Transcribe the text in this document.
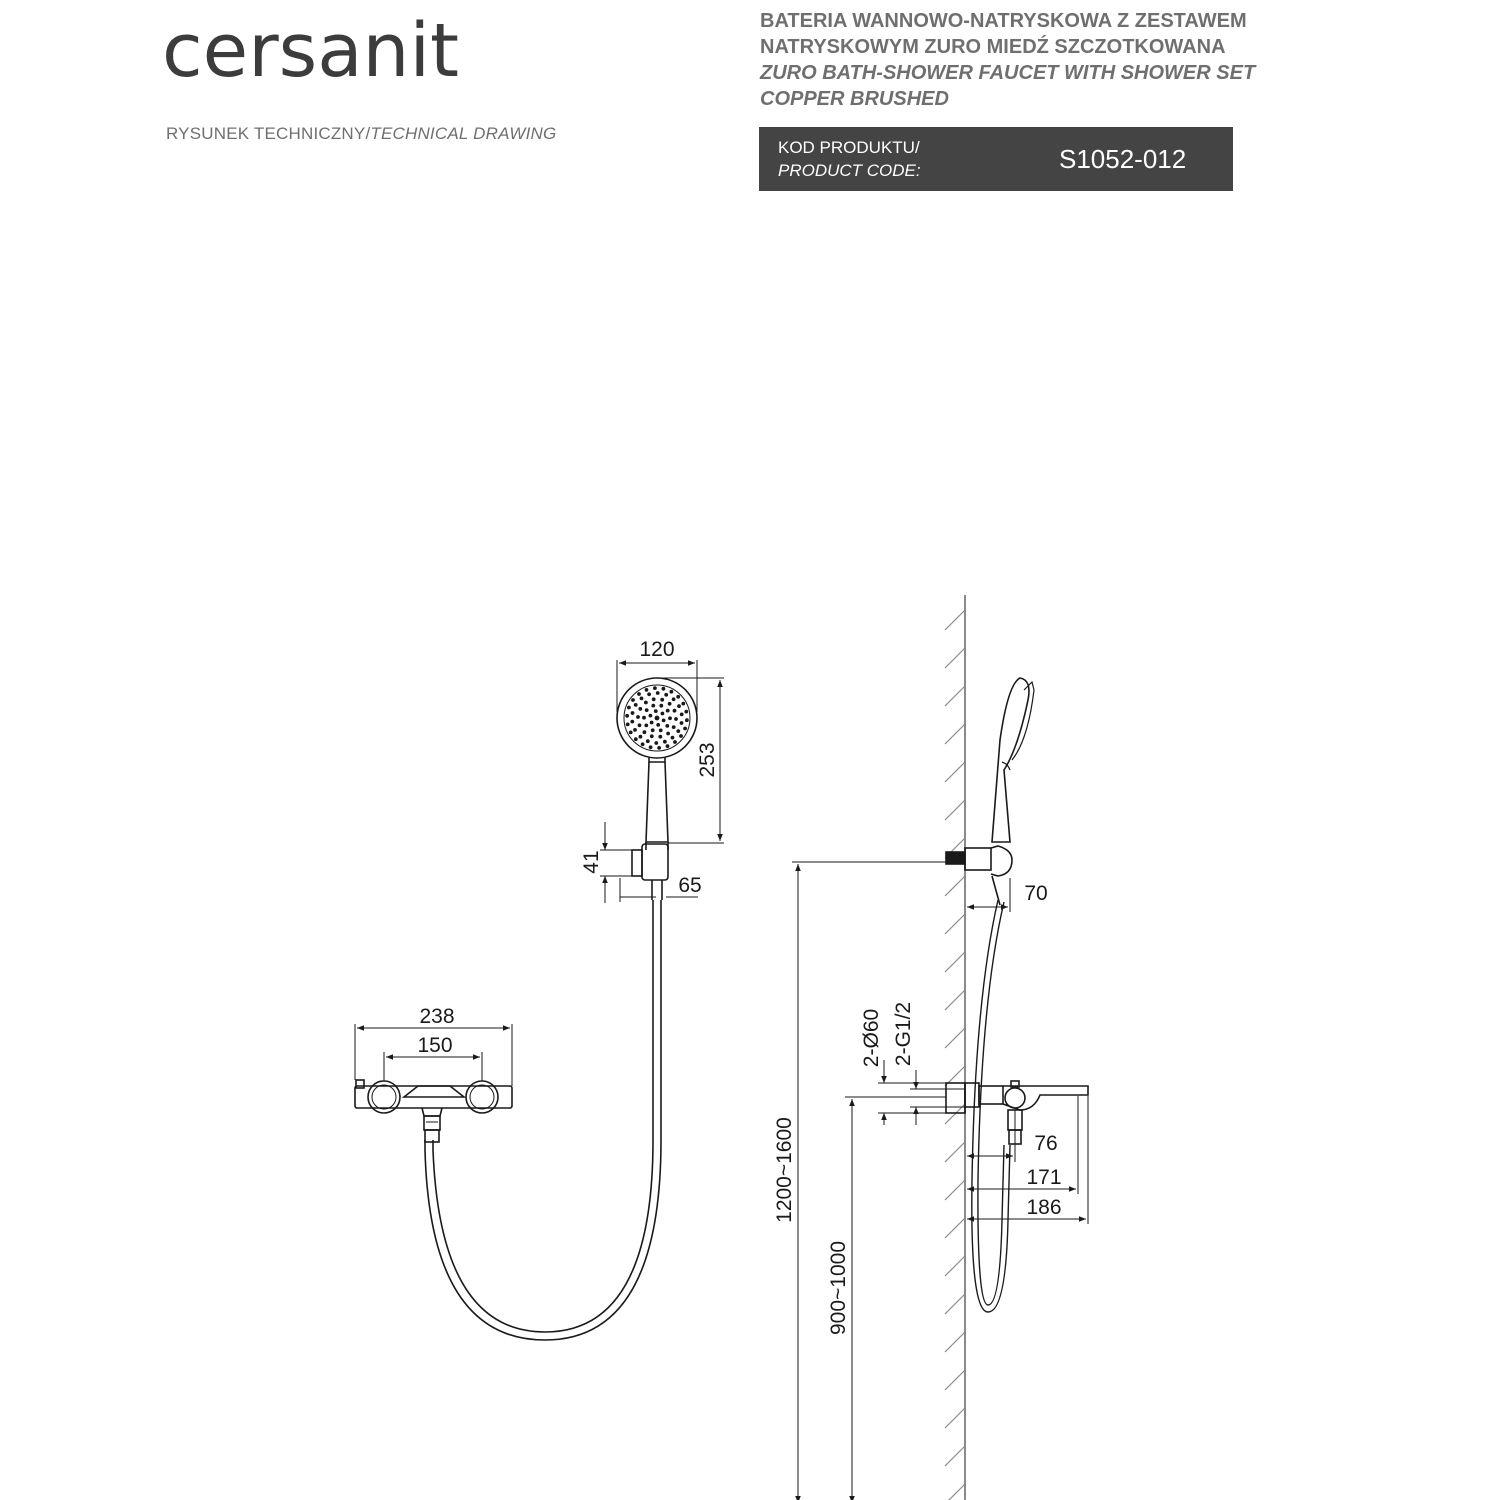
cersanit
RYSUNEK TECHNICZNY/TECHNICAL DRAWING
BATERIA WANNOWO-NATRYSKOWA Z ZESTAWEM
NATRYSKOWYM ZURO MIEDŹ SZCZOTKOWANA
ZURO BATH-SHOWER FAUCET WITH SHOWER SET
COPPER BRUSHED
KOD PRODUKTU/
PRODUCT CODE:	S1052-012
120
253
41
65
238
150
70
2-Ø60 2-G1/2
76
171
186
1200~1600
900~1000
